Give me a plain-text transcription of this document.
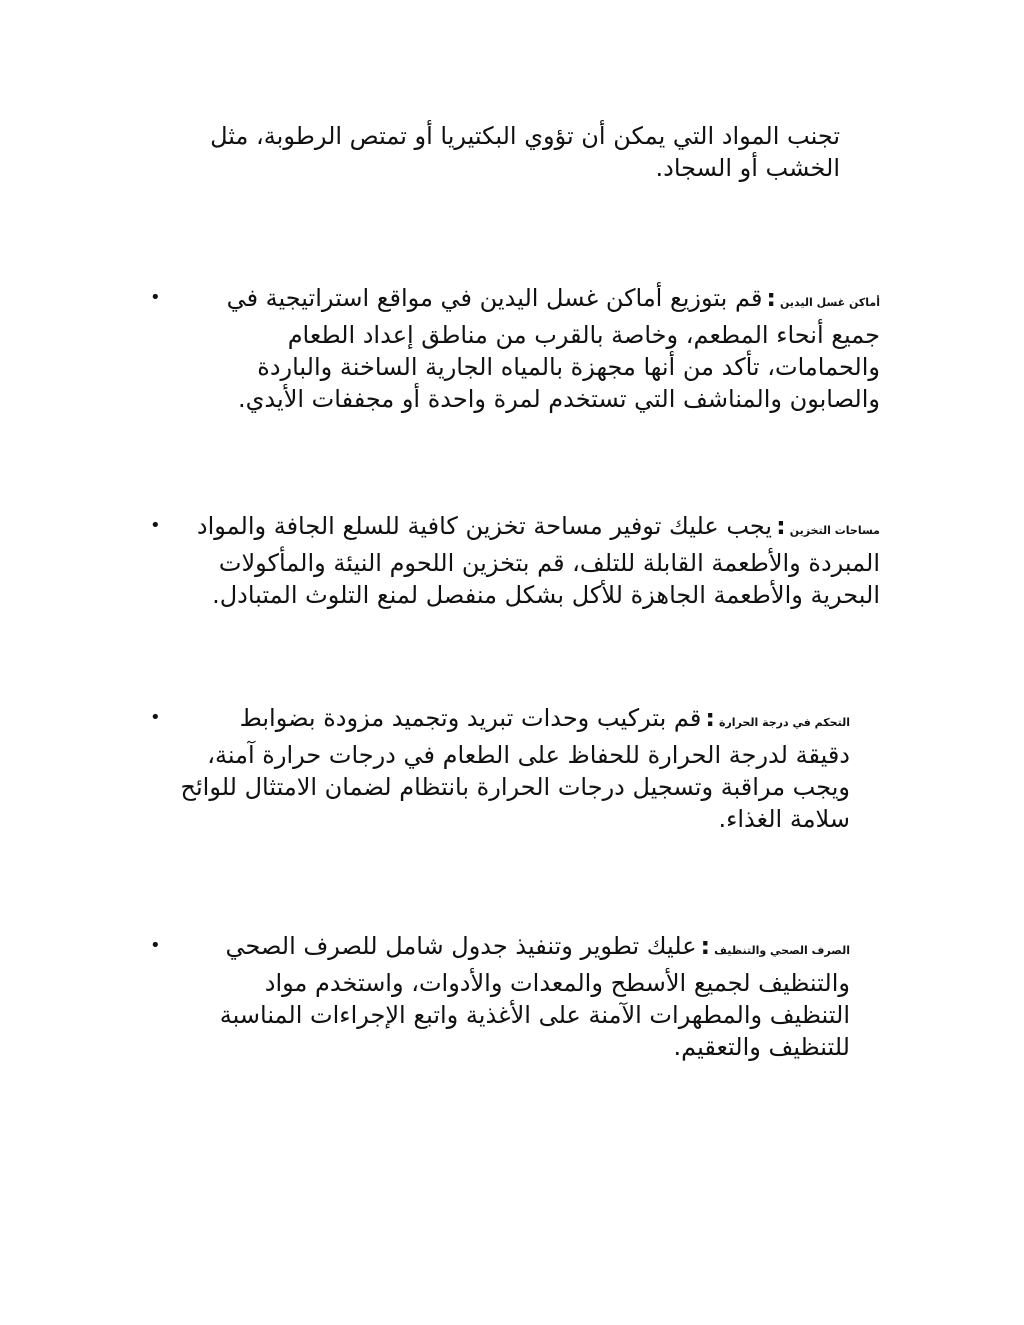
تجنب المواد التي يمكن أن تؤوي البكتيريا أو تمتص الرطوبة، مثل الخشب أو السجاد.

•	أماكن غسل اليدين:قم بتوزيع أماكن غسل اليدين في مواقع استراتيجية في جميع أنحاء المطعم، وخاصة بالقرب من مناطق إعداد الطعام والحمامات، تأكد من أنها مجهزة بالمياه الجارية الساخنة والباردة والصابون والمناشف التي تستخدم لمرة واحدة أو مجففات الأيدي.

•	مساحات التخزين:يجب عليك توفير مساحة تخزين كافية للسلع الجافة والمواد المبردة والأطعمة القابلة للتلف، قم بتخزين اللحوم النيئة والمأكولات البحرية والأطعمة الجاهزة للأكل بشكل منفصل لمنع التلوث المتبادل.

•	التحكم في درجة الحرارة:قم بتركيب وحدات تبريد وتجميد مزودة بضوابط دقيقة لدرجة الحرارة للحفاظ على الطعام في درجات حرارة آمنة، ويجب مراقبة وتسجيل درجات الحرارة بانتظام لضمان الامتثال للوائح سلامة الغذاء.

•	الصرف الصحي والتنظيف:عليك تطوير وتنفيذ جدول شامل للصرف الصحي والتنظيف لجميع الأسطح والمعدات والأدوات، واستخدم مواد التنظيف والمطهرات الآمنة على الأغذية واتبع الإجراءات المناسبة للتنظيف والتعقيم.
